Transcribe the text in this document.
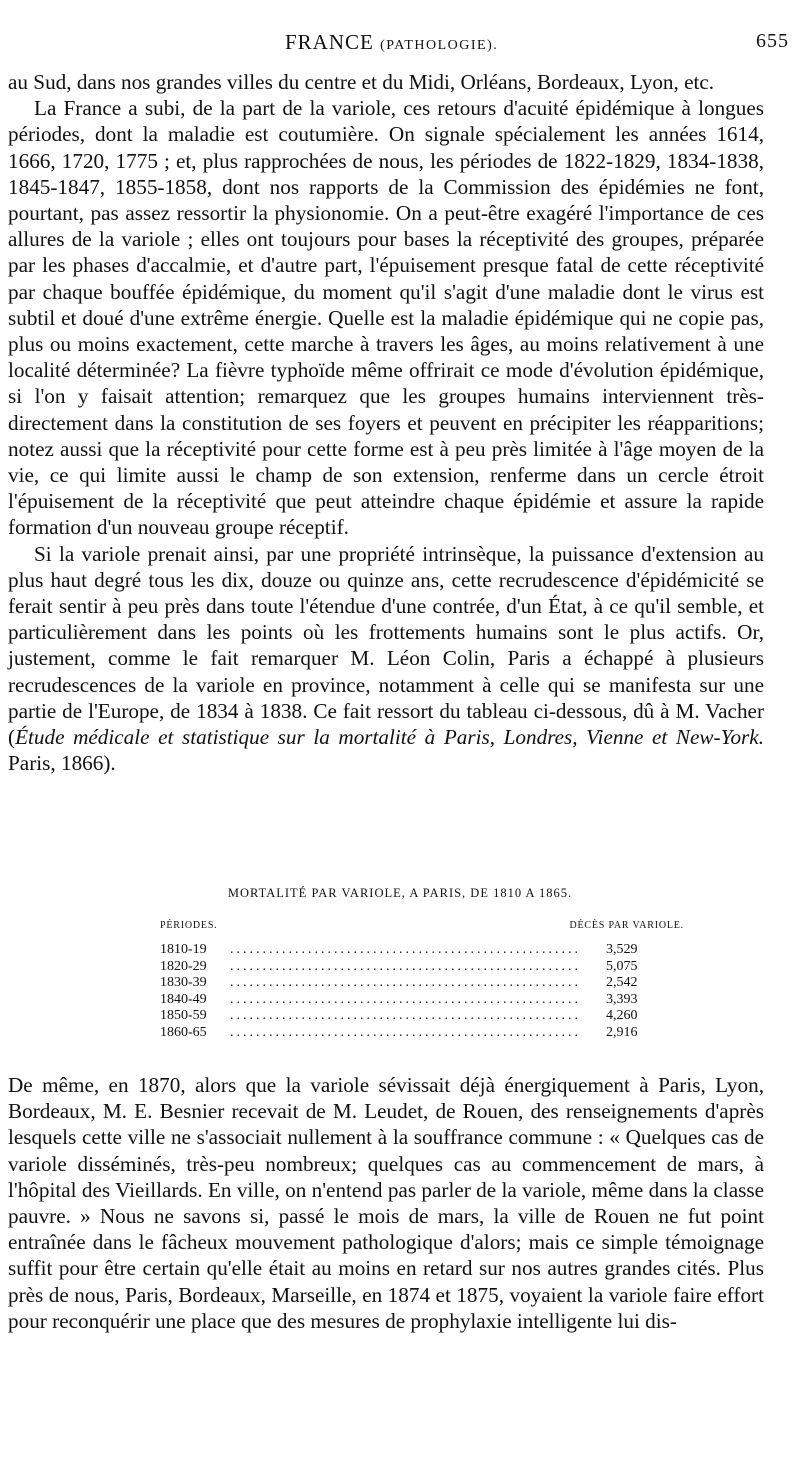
FRANCE (PATHOLOGIE).	655

au Sud, dans nos grandes villes du centre et du Midi, Orléans, Bordeaux, Lyon, etc.

La France a subi, de la part de la variole, ces retours d'acuité épidémique à longues périodes, dont la maladie est coutumière. On signale spécialement les années 1614, 1666, 1720, 1775 ; et, plus rapprochées de nous, les périodes de 1822-1829, 1834-1838, 1845-1847, 1855-1858, dont nos rapports de la Commission des épidémies ne font, pourtant, pas assez ressortir la physionomie. On a peut-être exagéré l'importance de ces allures de la variole ; elles ont toujours pour bases la réceptivité des groupes, préparée par les phases d'accalmie, et d'autre part, l'épuisement presque fatal de cette réceptivité par chaque bouffée épidémique, du moment qu'il s'agit d'une maladie dont le virus est subtil et doué d'une extrême énergie. Quelle est la maladie épidémique qui ne copie pas, plus ou moins exactement, cette marche à travers les âges, au moins relativement à une localité déterminée? La fièvre typhoïde même offrirait ce mode d'évolution épidémique, si l'on y faisait attention; remarquez que les groupes humains interviennent très-directement dans la constitution de ses foyers et peuvent en précipiter les réapparitions; notez aussi que la réceptivité pour cette forme est à peu près limitée à l'âge moyen de la vie, ce qui limite aussi le champ de son extension, renferme dans un cercle étroit l'épuisement de la réceptivité que peut atteindre chaque épidémie et assure la rapide formation d'un nouveau groupe réceptif.

Si la variole prenait ainsi, par une propriété intrinsèque, la puissance d'extension au plus haut degré tous les dix, douze ou quinze ans, cette recrudescence d'épidémicité se ferait sentir à peu près dans toute l'étendue d'une contrée, d'un État, à ce qu'il semble, et particulièrement dans les points où les frottements humains sont le plus actifs. Or, justement, comme le fait remarquer M. Léon Colin, Paris a échappé à plusieurs recrudescences de la variole en province, notamment à celle qui se manifesta sur une partie de l'Europe, de 1834 à 1838. Ce fait ressort du tableau ci-dessous, dû à M. Vacher (Étude médicale et statistique sur la mortalité à Paris, Londres, Vienne et New-York. Paris, 1866).

MORTALITÉ PAR VARIOLE, A PARIS, DE 1810 A 1865.
PÉRIODES.	DÉCÈS PAR VARIOLE.
1810-19 ......................................................	3,529
1820-29 ......................................................	5,075
1830-39 ......................................................	2,542
1840-49 ......................................................	3,393
1850-59 ......................................................	4,260
1860-65 ......................................................	2,916

De même, en 1870, alors que la variole sévissait déjà énergiquement à Paris, Lyon, Bordeaux, M. E. Besnier recevait de M. Leudet, de Rouen, des renseignements d'après lesquels cette ville ne s'associait nullement à la souffrance commune : « Quelques cas de variole disséminés, très-peu nombreux; quelques cas au commencement de mars, à l'hôpital des Vieillards. En ville, on n'entend pas parler de la variole, même dans la classe pauvre. » Nous ne savons si, passé le mois de mars, la ville de Rouen ne fut point entraînée dans le fâcheux mouvement pathologique d'alors; mais ce simple témoignage suffit pour être certain qu'elle était au moins en retard sur nos autres grandes cités. Plus près de nous, Paris, Bordeaux, Marseille, en 1874 et 1875, voyaient la variole faire effort pour reconquérir une place que des mesures de prophylaxie intelligente lui dis-
